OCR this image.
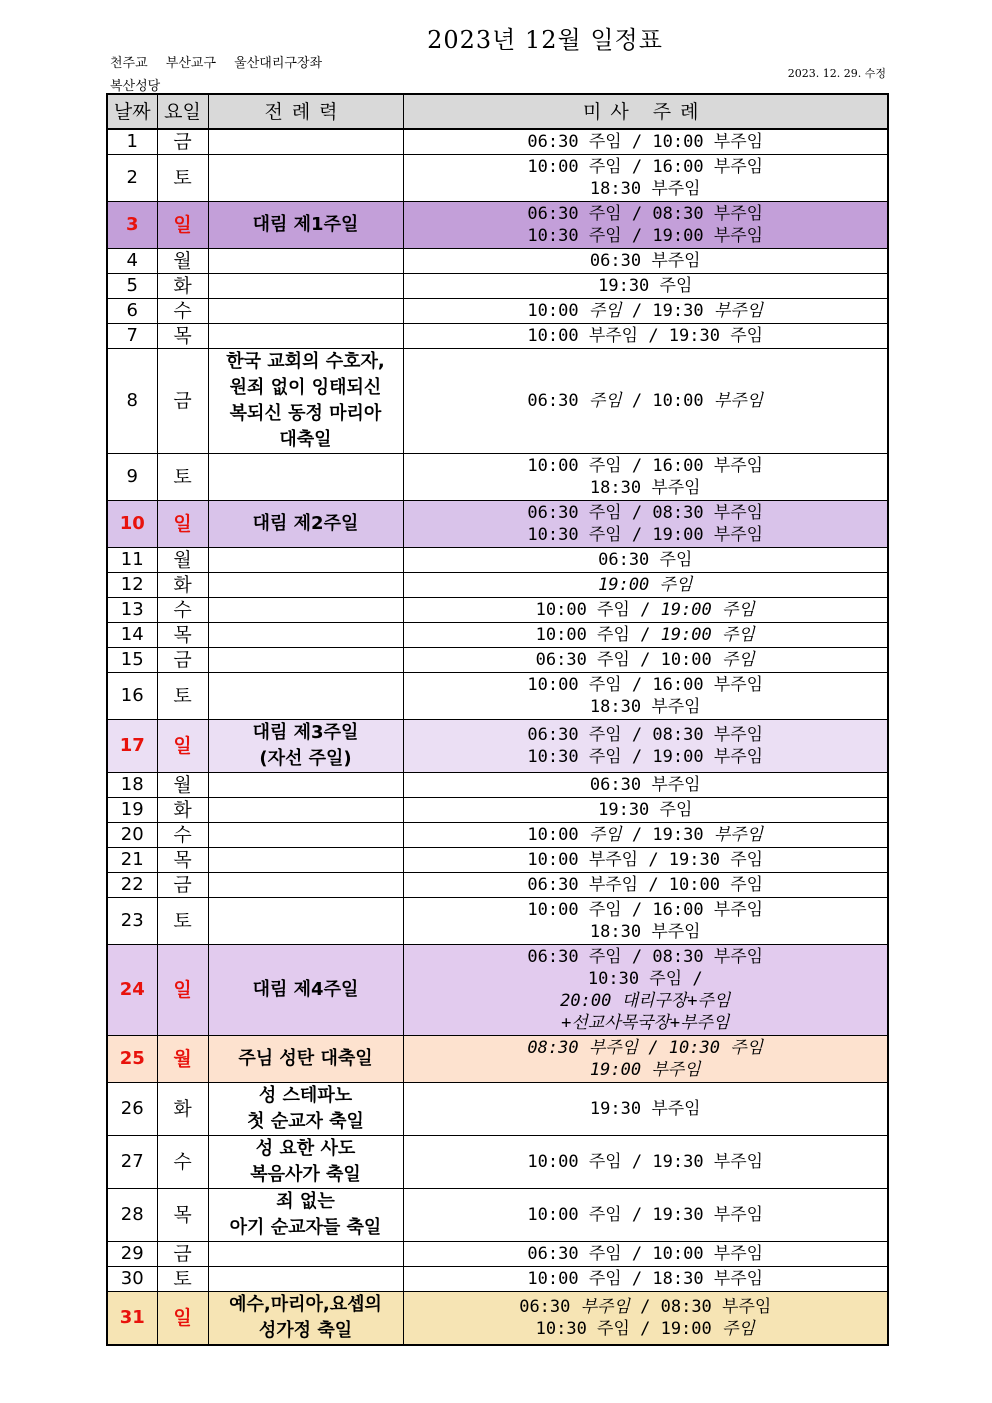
2023년 12월 일정표
천주교 부산교구 울산대리구장좌
복산성당
2023. 12. 29. 수정
날짜	요일	전례력	미사 주례
1	금		06:30 주임 / 10:00 부주임
2	토		10:00 주임 / 16:00 부주임
18:30 부주임
3	일	대림 제1주일	06:30 주임 / 08:30 부주임
10:30 주임 / 19:00 부주임
4	월		06:30 부주임
5	화		19:30 주임
6	수		10:00 주임 / 19:30 부주임
7	목		10:00 부주임 / 19:30 주임
8	금	한국 교회의 수호자,
원죄 없이 잉태되신
복되신 동정 마리아
대축일	06:30 주임 / 10:00 부주임
9	토		10:00 주임 / 16:00 부주임
18:30 부주임
10	일	대림 제2주일	06:30 주임 / 08:30 부주임
10:30 주임 / 19:00 부주임
11	월		06:30 주임
12	화		19:00 주임
13	수		10:00 주임 / 19:00 주임
14	목		10:00 주임 / 19:00 주임
15	금		06:30 주임 / 10:00 주임
16	토		10:00 주임 / 16:00 부주임
18:30 부주임
17	일	대림 제3주일
(자선 주일)	06:30 주임 / 08:30 부주임
10:30 주임 / 19:00 부주임
18	월		06:30 부주임
19	화		19:30 주임
20	수		10:00 주임 / 19:30 부주임
21	목		10:00 부주임 / 19:30 주임
22	금		06:30 부주임 / 10:00 주임
23	토		10:00 주임 / 16:00 부주임
18:30 부주임
24	일	대림 제4주일	06:30 주임 / 08:30 부주임
10:30 주임 /
20:00 대리구장+주임
+선교사목국장+부주임
25	월	주님 성탄 대축일	08:30 부주임 / 10:30 주임
19:00 부주임
26	화	성 스테파노
첫 순교자 축일	19:30 부주임
27	수	성 요한 사도
복음사가 축일	10:00 주임 / 19:30 부주임
28	목	죄 없는
아기 순교자들 축일	10:00 주임 / 19:30 부주임
29	금		06:30 주임 / 10:00 부주임
30	토		10:00 주임 / 18:30 부주임
31	일	예수,마리아,요셉의
성가정 축일	06:30 부주임 / 08:30 부주임
10:30 주임 / 19:00 주임
